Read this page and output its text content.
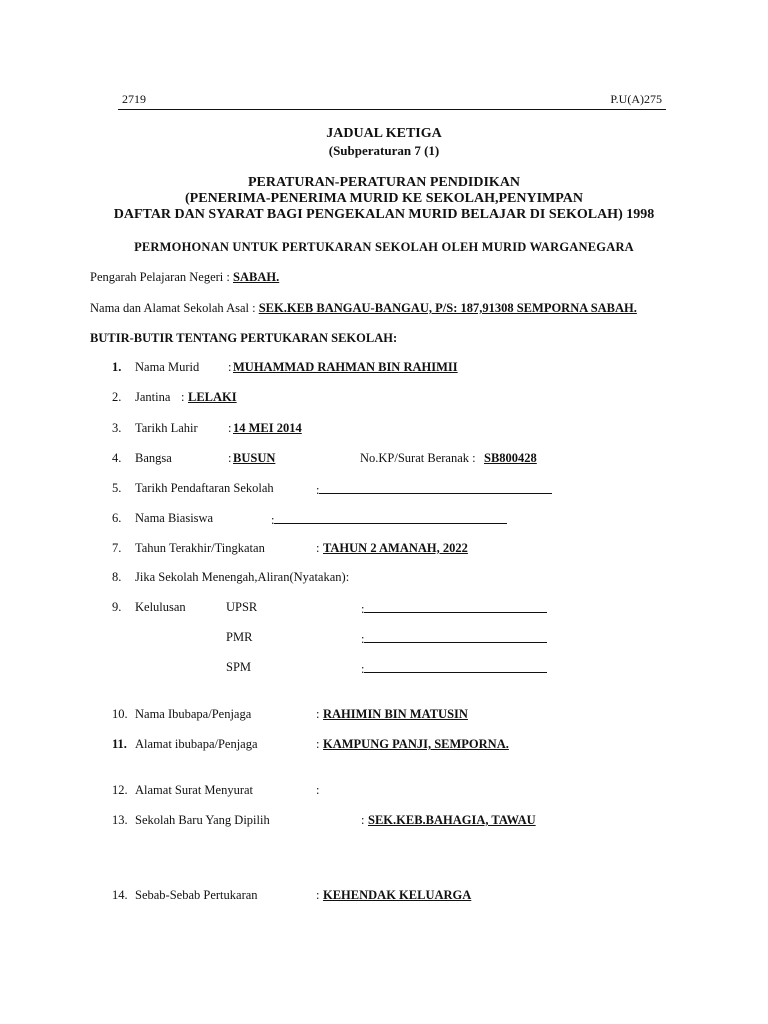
2719	P.U(A)275
JADUAL KETIGA
(Subperaturan 7 (1)
PERATURAN-PERATURAN PENDIDIKAN
(PENERIMA-PENERIMA MURID KE SEKOLAH,PENYIMPAN
DAFTAR DAN SYARAT BAGI PENGEKALAN MURID BELAJAR DI SEKOLAH) 1998
PERMOHONAN UNTUK PERTUKARAN SEKOLAH OLEH MURID WARGANEGARA
Pengarah Pelajaran Negeri : SABAH.
Nama dan Alamat Sekolah Asal : SEK.KEB BANGAU-BANGAU, P/S: 187,91308 SEMPORNA SABAH.
BUTIR-BUTIR TENTANG PERTUKARAN SEKOLAH:
1. Nama Murid : MUHAMMAD RAHMAN BIN RAHIMII
2. Jantina : LELAKI
3. Tarikh Lahir : 14 MEI 2014
4. Bangsa	: BUSUN	No.KP/Surat Beranak : SB800428
5. Tarikh Pendaftaran Sekolah	:
6. Nama Biasiswa	:
7. Tahun Terakhir/Tingkatan	: TAHUN 2 AMANAH, 2022
8. Jika Sekolah Menengah,Aliran(Nyatakan):
9. Kelulusan	UPSR	:
PMR	:
SPM	:
10. Nama Ibubapa/Penjaga	: RAHIMIN BIN MATUSIN
11. Alamat ibubapa/Penjaga	: KAMPUNG PANJI, SEMPORNA.
12. Alamat Surat Menyurat	:
13. Sekolah Baru Yang Dipilih	: SEK.KEB.BAHAGIA, TAWAU
14. Sebab-Sebab Pertukaran	: KEHENDAK KELUARGA
